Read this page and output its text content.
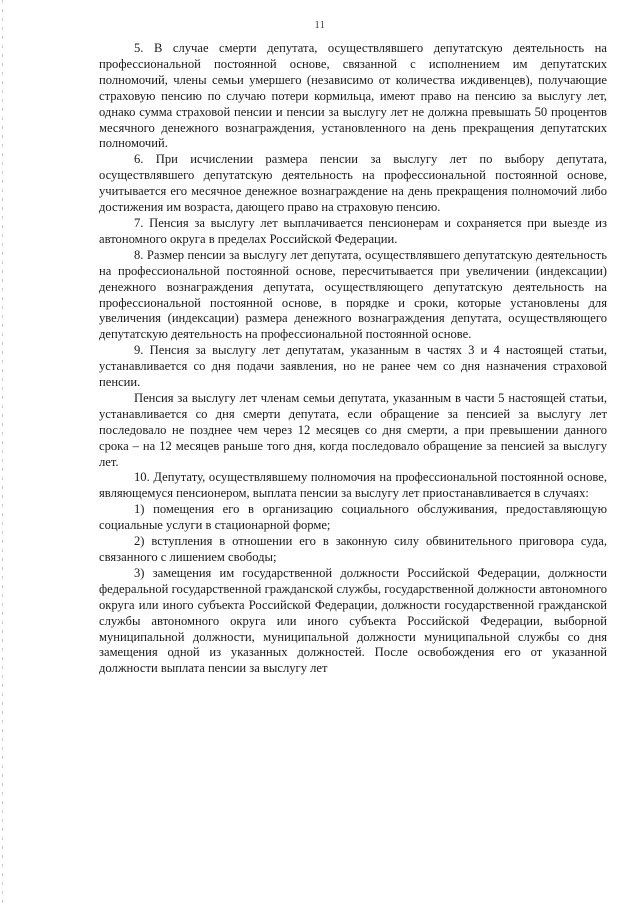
11

5. В случае смерти депутата, осуществлявшего депутатскую деятельность на профессиональной постоянной основе, связанной с исполнением им депутатских полномочий, члены семьи умершего (независимо от количества иждивенцев), получающие страховую пенсию по случаю потери кормильца, имеют право на пенсию за выслугу лет, однако сумма страховой пенсии и пенсии за выслугу лет не должна превышать 50 процентов месячного денежного вознаграждения, установленного на день прекращения депутатских полномочий.

6. При исчислении размера пенсии за выслугу лет по выбору депутата, осуществлявшего депутатскую деятельность на профессиональной постоянной основе, учитывается его месячное денежное вознаграждение на день прекращения полномочий либо достижения им возраста, дающего право на страховую пенсию.

7. Пенсия за выслугу лет выплачивается пенсионерам и сохраняется при выезде из автономного округа в пределах Российской Федерации.

8. Размер пенсии за выслугу лет депутата, осуществлявшего депутатскую деятельность на профессиональной постоянной основе, пересчитывается при увеличении (индексации) денежного вознаграждения депутата, осуществляющего депутатскую деятельность на профессиональной постоянной основе, в порядке и сроки, которые установлены для увеличения (индексации) размера денежного вознаграждения депутата, осуществляющего депутатскую деятельность на профессиональной постоянной основе.

9. Пенсия за выслугу лет депутатам, указанным в частях 3 и 4 настоящей статьи, устанавливается со дня подачи заявления, но не ранее чем со дня назначения страховой пенсии.

Пенсия за выслугу лет членам семьи депутата, указанным в части 5 настоящей статьи, устанавливается со дня смерти депутата, если обращение за пенсией за выслугу лет последовало не позднее чем через 12 месяцев со дня смерти, а при превышении данного срока – на 12 месяцев раньше того дня, когда последовало обращение за пенсией за выслугу лет.

10. Депутату, осуществлявшему полномочия на профессиональной постоянной основе, являющемуся пенсионером, выплата пенсии за выслугу лет приостанавливается в случаях:

1) помещения его в организацию социального обслуживания, предоставляющую социальные услуги в стационарной форме;

2) вступления в отношении его в законную силу обвинительного приговора суда, связанного с лишением свободы;

3) замещения им государственной должности Российской Федерации, должности федеральной государственной гражданской службы, государственной должности автономного округа или иного субъекта Российской Федерации, должности государственной гражданской службы автономного округа или иного субъекта Российской Федерации, выборной муниципальной должности, муниципальной должности муниципальной службы со дня замещения одной из указанных должностей. После освобождения его от указанной должности выплата пенсии за выслугу лет
